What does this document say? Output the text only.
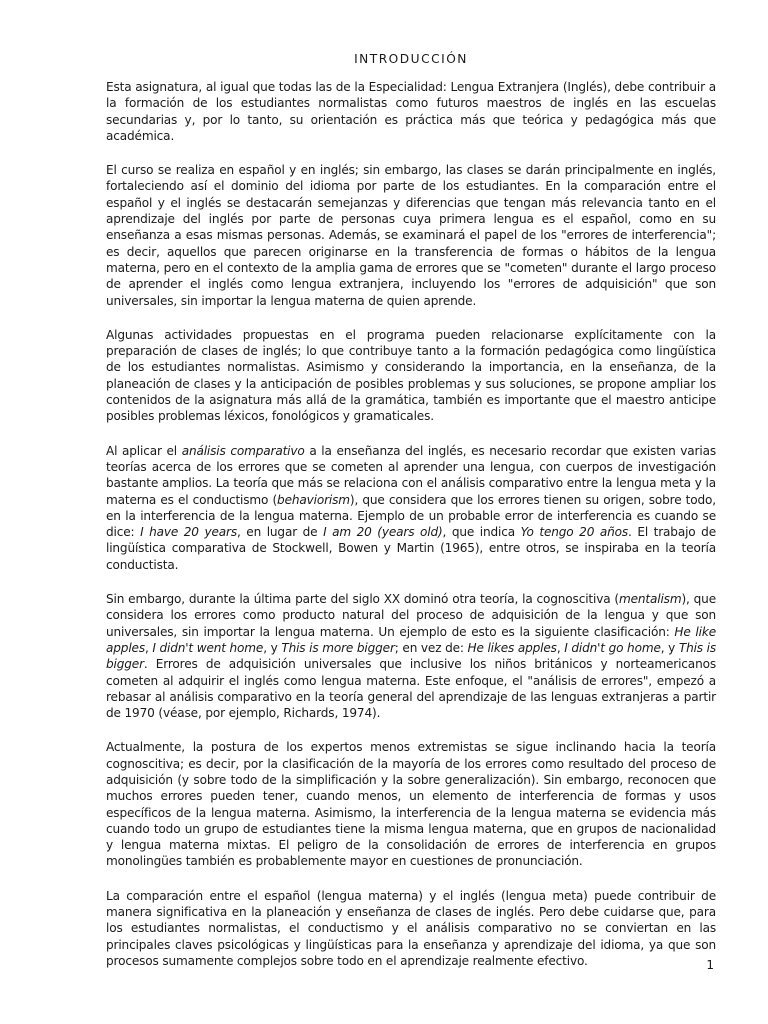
INTRODUCCIÓN

Esta asignatura, al igual que todas las de la Especialidad: Lengua Extranjera (Inglés), debe contribuir a la formación de los estudiantes normalistas como futuros maestros de inglés en las escuelas secundarias y, por lo tanto, su orientación es práctica más que teórica y pedagógica más que académica.

El curso se realiza en español y en inglés; sin embargo, las clases se darán principalmente en inglés, fortaleciendo así el dominio del idioma por parte de los estudiantes. En la comparación entre el español y el inglés se destacarán semejanzas y diferencias que tengan más relevancia tanto en el aprendizaje del inglés por parte de personas cuya primera lengua es el español, como en su enseñanza a esas mismas personas. Además, se examinará el papel de los "errores de interferencia"; es decir, aquellos que parecen originarse en la transferencia de formas o hábitos de la lengua materna, pero en el contexto de la amplia gama de errores que se "cometen" durante el largo proceso de aprender el inglés como lengua extranjera, incluyendo los "errores de adquisición" que son universales, sin importar la lengua materna de quien aprende.

Algunas actividades propuestas en el programa pueden relacionarse explícitamente con la preparación de clases de inglés; lo que contribuye tanto a la formación pedagógica como lingüística de los estudiantes normalistas. Asimismo y considerando la importancia, en la enseñanza, de la planeación de clases y la anticipación de posibles problemas y sus soluciones, se propone ampliar los contenidos de la asignatura más allá de la gramática, también es importante que el maestro anticipe posibles problemas léxicos, fonológicos y gramaticales.

Al aplicar el análisis comparativo a la enseñanza del inglés, es necesario recordar que existen varias teorías acerca de los errores que se cometen al aprender una lengua, con cuerpos de investigación bastante amplios. La teoría que más se relaciona con el análisis comparativo entre la lengua meta y la materna es el conductismo (behaviorism), que considera que los errores tienen su origen, sobre todo, en la interferencia de la lengua materna. Ejemplo de un probable error de interferencia es cuando se dice: I have 20 years, en lugar de I am 20 (years old), que indica Yo tengo 20 años. El trabajo de lingüística comparativa de Stockwell, Bowen y Martin (1965), entre otros, se inspiraba en la teoría conductista.

Sin embargo, durante la última parte del siglo XX dominó otra teoría, la cognoscitiva (mentalism), que considera los errores como producto natural del proceso de adquisición de la lengua y que son universales, sin importar la lengua materna. Un ejemplo de esto es la siguiente clasificación: He like apples, I didn't went home, y This is more bigger; en vez de: He likes apples, I didn't go home, y This is bigger. Errores de adquisición universales que inclusive los niños británicos y norteamericanos cometen al adquirir el inglés como lengua materna. Este enfoque, el "análisis de errores", empezó a rebasar al análisis comparativo en la teoría general del aprendizaje de las lenguas extranjeras a partir de 1970 (véase, por ejemplo, Richards, 1974).

Actualmente, la postura de los expertos menos extremistas se sigue inclinando hacia la teoría cognoscitiva; es decir, por la clasificación de la mayoría de los errores como resultado del proceso de adquisición (y sobre todo de la simplificación y la sobre generalización). Sin embargo, reconocen que muchos errores pueden tener, cuando menos, un elemento de interferencia de formas y usos específicos de la lengua materna. Asimismo, la interferencia de la lengua materna se evidencia más cuando todo un grupo de estudiantes tiene la misma lengua materna, que en grupos de nacionalidad y lengua materna mixtas. El peligro de la consolidación de errores de interferencia en grupos monolingües también es probablemente mayor en cuestiones de pronunciación.

La comparación entre el español (lengua materna) y el inglés (lengua meta) puede contribuir de manera significativa en la planeación y enseñanza de clases de inglés. Pero debe cuidarse que, para los estudiantes normalistas, el conductismo y el análisis comparativo no se conviertan en las principales claves psicológicas y lingüísticas para la enseñanza y aprendizaje del idioma, ya que son procesos sumamente complejos sobre todo en el aprendizaje realmente efectivo.	1
